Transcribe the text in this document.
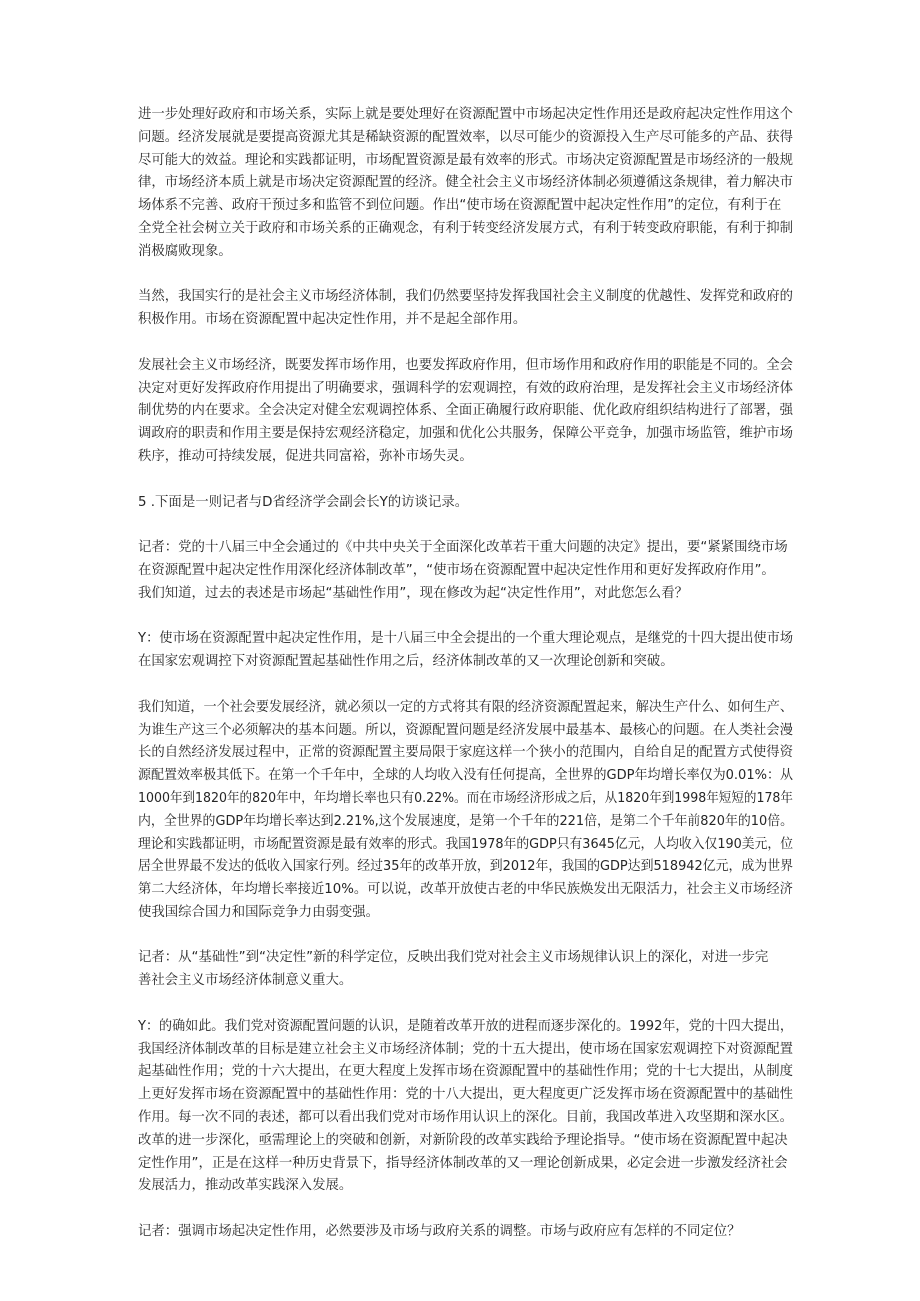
进一步处理好政府和市场关系，实际上就是要处理好在资源配置中市场起决定性作用还是政府起决定性作用这个
问题。经济发展就是要提高资源尤其是稀缺资源的配置效率，以尽可能少的资源投入生产尽可能多的产品、获得
尽可能大的效益。理论和实践都证明，市场配置资源是最有效率的形式。市场决定资源配置是市场经济的一般规
律，市场经济本质上就是市场决定资源配置的经济。健全社会主义市场经济体制必须遵循这条规律，着力解决市
场体系不完善、政府干预过多和监管不到位问题。作出“使市场在资源配置中起决定性作用”的定位，有利于在
全党全社会树立关于政府和市场关系的正确观念，有利于转变经济发展方式，有利于转变政府职能，有利于抑制
消极腐败现象。
当然，我国实行的是社会主义市场经济体制，我们仍然要坚持发挥我国社会主义制度的优越性、发挥党和政府的
积极作用。市场在资源配置中起决定性作用，并不是起全部作用。
发展社会主义市场经济，既要发挥市场作用，也要发挥政府作用，但市场作用和政府作用的职能是不同的。全会
决定对更好发挥政府作用提出了明确要求，强调科学的宏观调控，有效的政府治理，是发挥社会主义市场经济体
制优势的内在要求。全会决定对健全宏观调控体系、全面正确履行政府职能、优化政府组织结构进行了部署，强
调政府的职责和作用主要是保持宏观经济稳定，加强和优化公共服务，保障公平竞争，加强市场监管，维护市场
秩序，推动可持续发展，促进共同富裕，弥补市场失灵。
5 .下面是一则记者与D省经济学会副会长Y的访谈记录。
记者：党的十八届三中全会通过的《中共中央关于全面深化改革若干重大问题的决定》提出，要“紧紧围绕市场
在资源配置中起决定性作用深化经济体制改革”，“使市场在资源配置中起决定性作用和更好发挥政府作用”。
我们知道，过去的表述是市场起“基础性作用”，现在修改为起“决定性作用”，对此您怎么看？
Y：使市场在资源配置中起决定性作用，是十八届三中全会提出的一个重大理论观点，是继党的十四大提出使市场
在国家宏观调控下对资源配置起基础性作用之后，经济体制改革的又一次理论创新和突破。
我们知道，一个社会要发展经济，就必须以一定的方式将其有限的经济资源配置起来，解决生产什么、如何生产、
为谁生产这三个必须解决的基本问题。所以，资源配置问题是经济发展中最基本、最核心的问题。在人类社会漫
长的自然经济发展过程中，正常的资源配置主要局限于家庭这样一个狭小的范围内，自给自足的配置方式使得资
源配置效率极其低下。在第一个千年中，全球的人均收入没有任何提高，全世界的GDP年均增长率仅为0.01%：从
1000年到1820年的820年中，年均增长率也只有0.22%。而在市场经济形成之后，从1820年到1998年短短的178年
内，全世界的GDP年均增长率达到2.21%,这个发展速度，是第一个千年的221倍，是第二个千年前820年的10倍。
理论和实践都证明，市场配置资源是最有效率的形式。我国1978年的GDP只有3645亿元，人均收入仅190美元，位
居全世界最不发达的低收入国家行列。经过35年的改革开放，到2012年，我国的GDP达到518942亿元，成为世界
第二大经济体，年均增长率接近10%。可以说，改革开放使古老的中华民族焕发出无限活力，社会主义市场经济
使我国综合国力和国际竞争力由弱变强。
记者：从“基础性”到“决定性”新的科学定位，反映出我们党对社会主义市场规律认识上的深化，对进一步完
善社会主义市场经济体制意义重大。
Y：的确如此。我们党对资源配置问题的认识，是随着改革开放的进程而逐步深化的。1992年，党的十四大提出，
我国经济体制改革的目标是建立社会主义市场经济体制；党的十五大提出，使市场在国家宏观调控下对资源配置
起基础性作用；党的十六大提出，在更大程度上发挥市场在资源配置中的基础性作用；党的十七大提出，从制度
上更好发挥市场在资源配置中的基础性作用：党的十八大提出，更大程度更广泛发挥市场在资源配置中的基础性
作用。每一次不同的表述，都可以看出我们党对市场作用认识上的深化。目前，我国改革进入攻坚期和深水区。
改革的进一步深化，亟需理论上的突破和创新，对新阶段的改革实践给予理论指导。“使市场在资源配置中起决
定性作用”，正是在这样一种历史背景下，指导经济体制改革的又一理论创新成果，必定会进一步激发经济社会
发展活力，推动改革实践深入发展。
记者：强调市场起决定性作用，必然要涉及市场与政府关系的调整。市场与政府应有怎样的不同定位？
